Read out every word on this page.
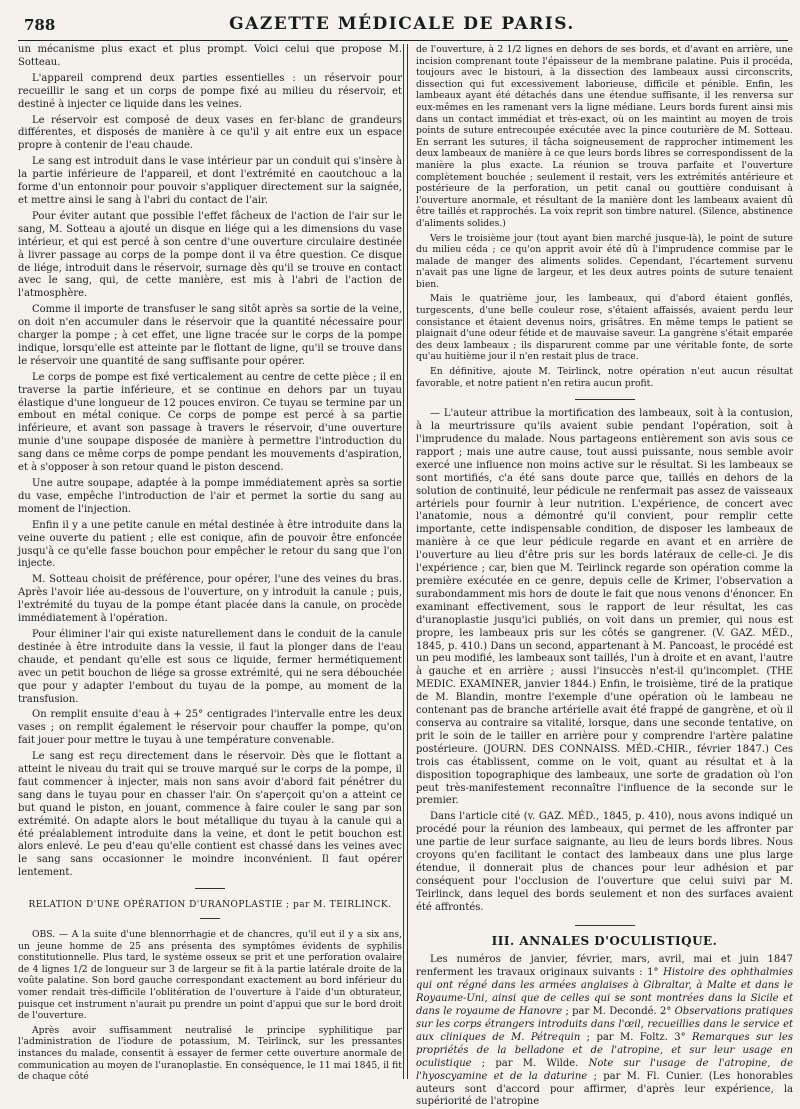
788	GAZETTE MÉDICALE DE PARIS.

un mécanisme plus exact et plus prompt. Voici celui que propose M. Sotteau.

L'appareil comprend deux parties essentielles : un réservoir pour recueillir le sang et un corps de pompe fixé au milieu du réservoir, et destiné à injecter ce liquide dans les veines.

Le réservoir est composé de deux vases en fer-blanc de grandeurs différentes, et disposés de manière à ce qu'il y ait entre eux un espace propre à contenir de l'eau chaude.

Le sang est introduit dans le vase intérieur par un conduit qui s'insère à la partie inférieure de l'appareil, et dont l'extrémité en caoutchouc a la forme d'un entonnoir pour pouvoir s'appliquer directement sur la saignée, et mettre ainsi le sang à l'abri du contact de l'air.

Pour éviter autant que possible l'effet fâcheux de l'action de l'air sur le sang, M. Sotteau a ajouté un disque en liége qui a les dimensions du vase intérieur, et qui est percé à son centre d'une ouverture circulaire destinée à livrer passage au corps de la pompe dont il va être question. Ce disque de liége, introduit dans le réservoir, surnage dès qu'il se trouve en contact avec le sang, qui, de cette manière, est mis à l'abri de l'action de l'atmosphère.

Comme il importe de transfuser le sang sitôt après sa sortie de la veine, on doit n'en accumuler dans le réservoir que la quantité nécessaire pour charger la pompe ; à cet effet, une ligne tracée sur le corps de la pompe indique, lorsqu'elle est atteinte par le flottant de ligne, qu'il se trouve dans le réservoir une quantité de sang suffisante pour opérer.

Le corps de pompe est fixé verticalement au centre de cette pièce ; il en traverse la partie inférieure, et se continue en dehors par un tuyau élastique d'une longueur de 12 pouces environ. Ce tuyau se termine par un embout en métal conique. Ce corps de pompe est percé à sa partie inférieure, et avant son passage à travers le réservoir, d'une ouverture munie d'une soupape disposée de manière à permettre l'introduction du sang dans ce même corps de pompe pendant les mouvements d'aspiration, et à s'opposer à son retour quand le piston descend.

Une autre soupape, adaptée à la pompe immédiatement après sa sortie du vase, empêche l'introduction de l'air et permet la sortie du sang au moment de l'injection.

Enfin il y a une petite canule en métal destinée à être introduite dans la veine ouverte du patient ; elle est conique, afin de pouvoir être enfoncée jusqu'à ce qu'elle fasse bouchon pour empêcher le retour du sang que l'on injecte.

M. Sotteau choisit de préférence, pour opérer, l'une des veines du bras. Après l'avoir liée au-dessous de l'ouverture, on y introduit la canule ; puis, l'extrémité du tuyau de la pompe étant placée dans la canule, on procède immédiatement à l'opération.

Pour éliminer l'air qui existe naturellement dans le conduit de la canule destinée à être introduite dans la vessie, il faut la plonger dans de l'eau chaude, et pendant qu'elle est sous ce liquide, fermer hermétiquement avec un petit bouchon de liége sa grosse extrémité, qui ne sera débouchée que pour y adapter l'embout du tuyau de la pompe, au moment de la transfusion.

On remplit ensuite d'eau à + 25° centigrades l'intervalle entre les deux vases ; on remplit également le réservoir pour chauffer la pompe, qu'on fait jouer pour mettre le tuyau à une température convenable.

Le sang est reçu directement dans le réservoir. Dès que le flottant a atteint le niveau du trait qui se trouve marqué sur le corps de la pompe, il faut commencer à injecter, mais non sans avoir d'abord fait pénétrer du sang dans le tuyau pour en chasser l'air. On s'aperçoit qu'on a atteint ce but quand le piston, en jouant, commence à faire couler le sang par son extrémité. On adapte alors le bout métallique du tuyau à la canule qui a été préalablement introduite dans la veine, et dont le petit bouchon est alors enlevé. Le peu d'eau qu'elle contient est chassé dans les veines avec le sang sans occasionner le moindre inconvénient. Il faut opérer lentement.

RELATION D'UNE OPÉRATION D'URANOPLASTIE ; par M. TEIRLINCK.

OBS. — A la suite d'une blennorrhagie et de chancres, qu'il eut il y a six ans, un jeune homme de 25 ans présenta des symptômes évidents de syphilis constitutionnelle. Plus tard, le système osseux se prit et une perforation ovalaire de 4 lignes 1/2 de longueur sur 3 de largeur se fit à la partie latérale droite de la voûte palatine. Son bord gauche correspondant exactement au bord inférieur du vomer rendait très-difficile l'oblitération de l'ouverture à l'aide d'un obturateur, puisque cet instrument n'aurait pu prendre un point d'appui que sur le bord droit de l'ouverture.

Après avoir suffisamment neutralisé le principe syphilitique par l'administration de l'iodure de potassium, M. Teirlinck, sur les pressantes instances du malade, consentit à essayer de fermer cette ouverture anormale de communication au moyen de l'uranoplastie. En conséquence, le 11 mai 1845, il fit de chaque côté

de l'ouverture, à 2 1/2 lignes en dehors de ses bords, et d'avant en arrière, une incision comprenant toute l'épaisseur de la membrane palatine. Puis il procéda, toujours avec le bistouri, à la dissection des lambeaux aussi circonscrits, dissection qui fut excessivement laborieuse, difficile et pénible. Enfin, les lambeaux ayant été détachés dans une étendue suffisante, il les renversa sur eux-mêmes en les ramenant vers la ligne médiane. Leurs bords furent ainsi mis dans un contact immédiat et très-exact, où on les maintint au moyen de trois points de suture entrecoupée exécutée avec la pince couturière de M. Sotteau. En serrant les sutures, il tâcha soigneusement de rapprocher intimement les deux lambeaux de manière à ce que leurs bords libres se correspondissent de la manière la plus exacte. La réunion se trouva parfaite et l'ouverture complètement bouchée ; seulement il restait, vers les extrémités antérieure et postérieure de la perforation, un petit canal ou gouttière conduisant à l'ouverture anormale, et résultant de la manière dont les lambeaux avaient dû être taillés et rapprochés. La voix reprit son timbre naturel. (Silence, abstinence d'aliments solides.)

Vers le troisième jour (tout ayant bien marché jusque-là), le point de suture du milieu céda ; ce qu'on apprit avoir été dû à l'imprudence commise par le malade de manger des aliments solides. Cependant, l'écartement survenu n'avait pas une ligne de largeur, et les deux autres points de suture tenaient bien.

Mais le quatrième jour, les lambeaux, qui d'abord étaient gonflés, turgescents, d'une belle couleur rose, s'étaient affaissés, avaient perdu leur consistance et étaient devenus noirs, grisâtres. En même temps le patient se plaignait d'une odeur fétide et de mauvaise saveur. La gangrène s'était emparée des deux lambeaux ; ils disparurent comme par une véritable fonte, de sorte qu'au huitième jour il n'en restait plus de trace.

En définitive, ajoute M. Teirlinck, notre opération n'eut aucun résultat favorable, et notre patient n'en retira aucun profit.

— L'auteur attribue la mortification des lambeaux, soit à la contusion, à la meurtrissure qu'ils avaient subie pendant l'opération, soit à l'imprudence du malade. Nous partageons entièrement son avis sous ce rapport ; mais une autre cause, tout aussi puissante, nous semble avoir exercé une influence non moins active sur le résultat. Si les lambeaux se sont mortifiés, c'a été sans doute parce que, taillés en dehors de la solution de continuité, leur pédicule ne renfermait pas assez de vaisseaux artériels pour fournir à leur nutrition. L'expérience, de concert avec l'anatomie, nous a démontré qu'il convient, pour remplir cette importante, cette indispensable condition, de disposer les lambeaux de manière à ce que leur pédicule regarde en avant et en arrière de l'ouverture au lieu d'être pris sur les bords latéraux de celle-ci. Je dis l'expérience ; car, bien que M. Teirlinck regarde son opération comme la première exécutée en ce genre, depuis celle de Krimer, l'observation a surabondamment mis hors de doute le fait que nous venons d'énoncer. En examinant effectivement, sous le rapport de leur résultat, les cas d'uranoplastie jusqu'ici publiés, on voit dans un premier, qui nous est propre, les lambeaux pris sur les côtés se gangrener. (V. GAZ. MÉD., 1845, p. 410.) Dans un second, appartenant à M. Pancoast, le procédé est un peu modifié, les lambeaux sont taillés, l'un à droite et en avant, l'autre à gauche et en arrière ; aussi l'insuccès n'est-il qu'incomplet. (THE MEDIC. EXAMINER, janvier 1844.) Enfin, le troisième, tiré de la pratique de M. Blandin, montre l'exemple d'une opération où le lambeau ne contenant pas de branche artérielle avait été frappé de gangrène, et où il conserva au contraire sa vitalité, lorsque, dans une seconde tentative, on prit le soin de le tailler en arrière pour y comprendre l'artère palatine postérieure. (JOURN. DES CONNAISS. MÉD.-CHIR., février 1847.) Ces trois cas établissent, comme on le voit, quant au résultat et à la disposition topographique des lambeaux, une sorte de gradation où l'on peut très-manifestement reconnaître l'influence de la seconde sur le premier.

Dans l'article cité (v. GAZ. MÉD., 1845, p. 410), nous avons indiqué un procédé pour la réunion des lambeaux, qui permet de les affronter par une partie de leur surface saignante, au lieu de leurs bords libres. Nous croyons qu'en facilitant le contact des lambeaux dans une plus large étendue, il donnerait plus de chances pour leur adhésion et par conséquent pour l'occlusion de l'ouverture que celui suivi par M. Teirlinck, dans lequel des bords seulement et non des surfaces avaient été affrontés.

III. ANNALES D'OCULISTIQUE.

Les numéros de janvier, février, mars, avril, mai et juin 1847 renferment les travaux originaux suivants : 1° Histoire des ophthalmies qui ont régné dans les armées anglaises à Gibraltar, à Malte et dans le Royaume-Uni, ainsi que de celles qui se sont montrées dans la Sicile et dans le royaume de Hanovre ; par M. Decondé. 2° Observations pratiques sur les corps étrangers introduits dans l'œil, recueillies dans le service et aux cliniques de M. Pétrequin ; par M. Foltz. 3° Remarques sur les propriétés de la belladone et de l'atropine, et sur leur usage en oculistique ; par M. Wilde. Note sur l'usage de l'atropine, de l'hyoscyamine et de la daturine ; par M. Fl. Cunier. (Les honorables auteurs sont d'accord pour affirmer, d'après leur expérience, la supériorité de l'atropine
